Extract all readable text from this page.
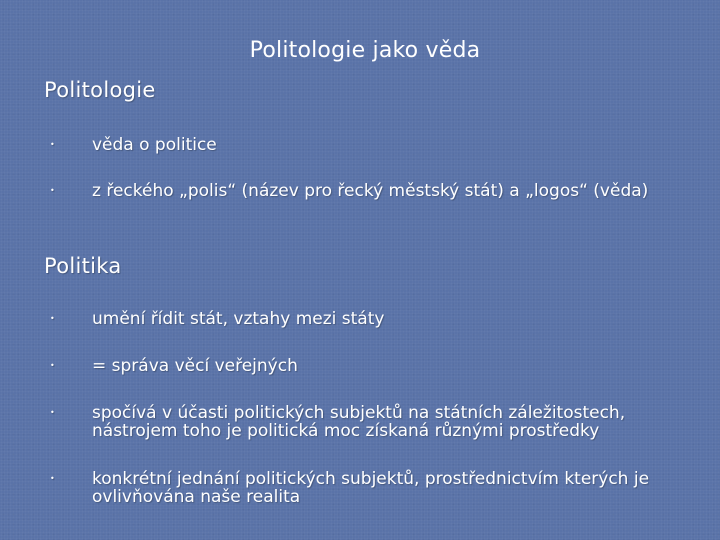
Politologie jako věda
Politologie
•	věda o politice
•	z řeckého „polis“ (název pro řecký městský stát) a „logos“ (věda)
Politika
•	umění řídit stát, vztahy mezi státy
•	= správa věcí veřejných
•	spočívá v účasti politických subjektů na státních záležitostech, nástrojem toho je politická moc získaná různými prostředky
•	konkrétní jednání politických subjektů, prostřednictvím kterých je ovlivňována naše realita
